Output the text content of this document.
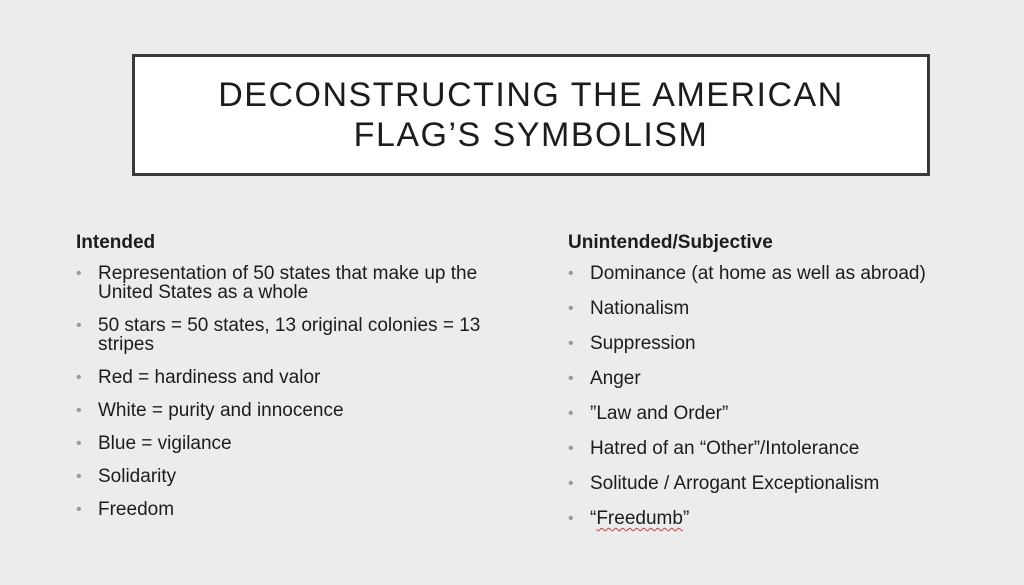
DECONSTRUCTING THE AMERICAN
FLAG’S SYMBOLISM
Intended
• Representation of 50 states that make up the United States as a whole
• 50 stars = 50 states, 13 original colonies = 13 stripes
• Red = hardiness and valor
• White = purity and innocence
• Blue = vigilance
• Solidarity
• Freedom
Unintended/Subjective
• Dominance (at home as well as abroad)
• Nationalism
• Suppression
• Anger
• ”Law and Order”
• Hatred of an “Other”/Intolerance
• Solitude / Arrogant Exceptionalism
• “Freedumb”
